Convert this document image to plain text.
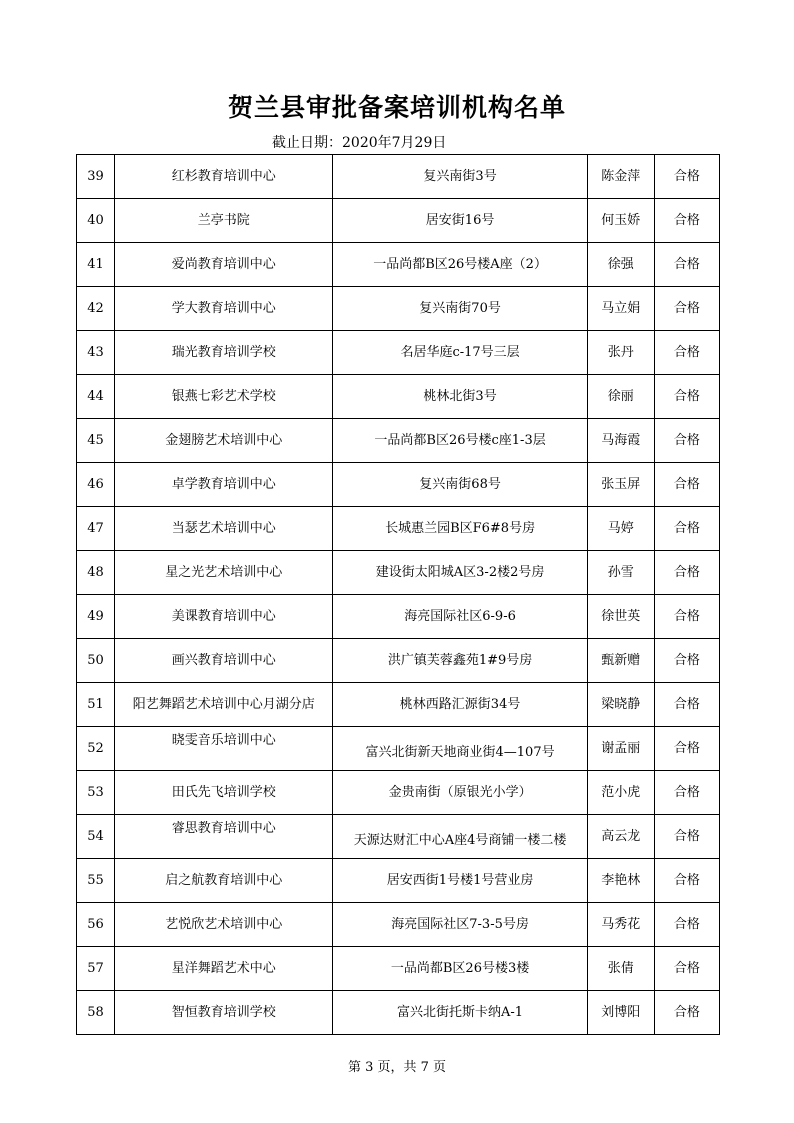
贺兰县审批备案培训机构名单
截止日期：2020年7月29日
39	红杉教育培训中心	复兴南街3号	陈金萍	合格
40	兰亭书院	居安街16号	何玉娇	合格
41	爱尚教育培训中心	一品尚都B区26号楼A座（2）	徐强	合格
42	学大教育培训中心	复兴南街70号	马立娟	合格
43	瑞光教育培训学校	名居华庭c-17号三层	张丹	合格
44	银燕七彩艺术学校	桃林北街3号	徐丽	合格
45	金翅膀艺术培训中心	一品尚都B区26号楼c座1-3层	马海霞	合格
46	卓学教育培训中心	复兴南街68号	张玉屏	合格
47	当瑟艺术培训中心	长城惠兰园B区F6#8号房	马婷	合格
48	星之光艺术培训中心	建设街太阳城A区3-2楼2号房	孙雪	合格
49	美课教育培训中心	海亮国际社区6-9-6	徐世英	合格
50	画兴教育培训中心	洪广镇芙蓉鑫苑1#9号房	甄新赠	合格
51	阳艺舞蹈艺术培训中心月湖分店	桃林西路汇源街34号	梁晓静	合格
52	晓雯音乐培训中心	富兴北街新天地商业街4—107号	谢孟丽	合格
53	田氏先飞培训学校	金贵南街（原银光小学）	范小虎	合格
54	睿思教育培训中心	天源达财汇中心A座4号商铺一楼二楼	高云龙	合格
55	启之航教育培训中心	居安西街1号楼1号营业房	李艳林	合格
56	艺悦欣艺术培训中心	海亮国际社区7-3-5号房	马秀花	合格
57	星洋舞蹈艺术中心	一品尚都B区26号楼3楼	张倩	合格
58	智恒教育培训学校	富兴北街托斯卡纳A-1	刘博阳	合格
第 3 页，共 7 页
